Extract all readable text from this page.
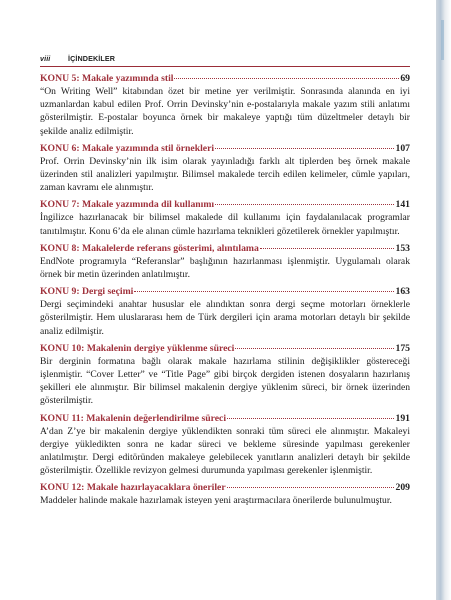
viii	İÇİNDEKİLER
KONU 5: Makale yazımında stil	69
“On Writing Well” kitabından özet bir metine yer verilmiştir. Sonrasında alanında en iyi uzmanlardan kabul edilen Prof. Orrin Devinsky’nin e-postalarıyla makale yazım stili anlatımı gösterilmiştir. E-postalar boyunca örnek bir makaleye yaptığı tüm düzeltmeler detaylı bir şekilde analiz edilmiştir.
KONU 6: Makale yazımında stil örnekleri	107
Prof. Orrin Devinsky’nin ilk isim olarak yayınladığı farklı alt tiplerden beş örnek makale üzerinden stil analizleri yapılmıştır. Bilimsel makalede tercih edilen kelimeler, cümle yapıları, zaman kavramı ele alınmıştır.
KONU 7: Makale yazımında dil kullanımı	141
İngilizce hazırlanacak bir bilimsel makalede dil kullanımı için faydalanılacak programlar tanıtılmıştır. Konu 6’da ele alınan cümle hazırlama teknikleri gözetilerek örnekler yapılmıştır.
KONU 8: Makalelerde referans gösterimi, alıntılama	153
EndNote programıyla “Referanslar” başlığının hazırlanması işlenmiştir. Uygulamalı olarak örnek bir metin üzerinden anlatılmıştır.
KONU 9: Dergi seçimi	163
Dergi seçimindeki anahtar hususlar ele alındıktan sonra dergi seçme motorları örneklerle gösterilmiştir. Hem uluslararası hem de Türk dergileri için arama motorları detaylı bir şekilde analiz edilmiştir.
KONU 10: Makalenin dergiye yüklenme süreci	175
Bir derginin formatına bağlı olarak makale hazırlama stilinin değişiklikler göstereceği işlenmiştir. “Cover Letter” ve “Title Page” gibi birçok dergiden istenen dosyaların hazırlanış şekilleri ele alınmıştır. Bir bilimsel makalenin dergiye yüklenim süreci, bir örnek üzerinden gösterilmiştir.
KONU 11: Makalenin değerlendirilme süreci	191
A’dan Z’ye bir makalenin dergiye yüklendikten sonraki tüm süreci ele alınmıştır. Makaleyi dergiye yükledikten sonra ne kadar süreci ve bekleme süresinde yapılması gerekenler anlatılmıştır. Dergi editöründen makaleye gelebilecek yanıtların analizleri detaylı bir şekilde gösterilmiştir. Özellikle revizyon gelmesi durumunda yapılması gerekenler işlenmiştir.
KONU 12: Makale hazırlayacaklara öneriler	209
Maddeler halinde makale hazırlamak isteyen yeni araştırmacılara önerilerde bulunulmuştur.
